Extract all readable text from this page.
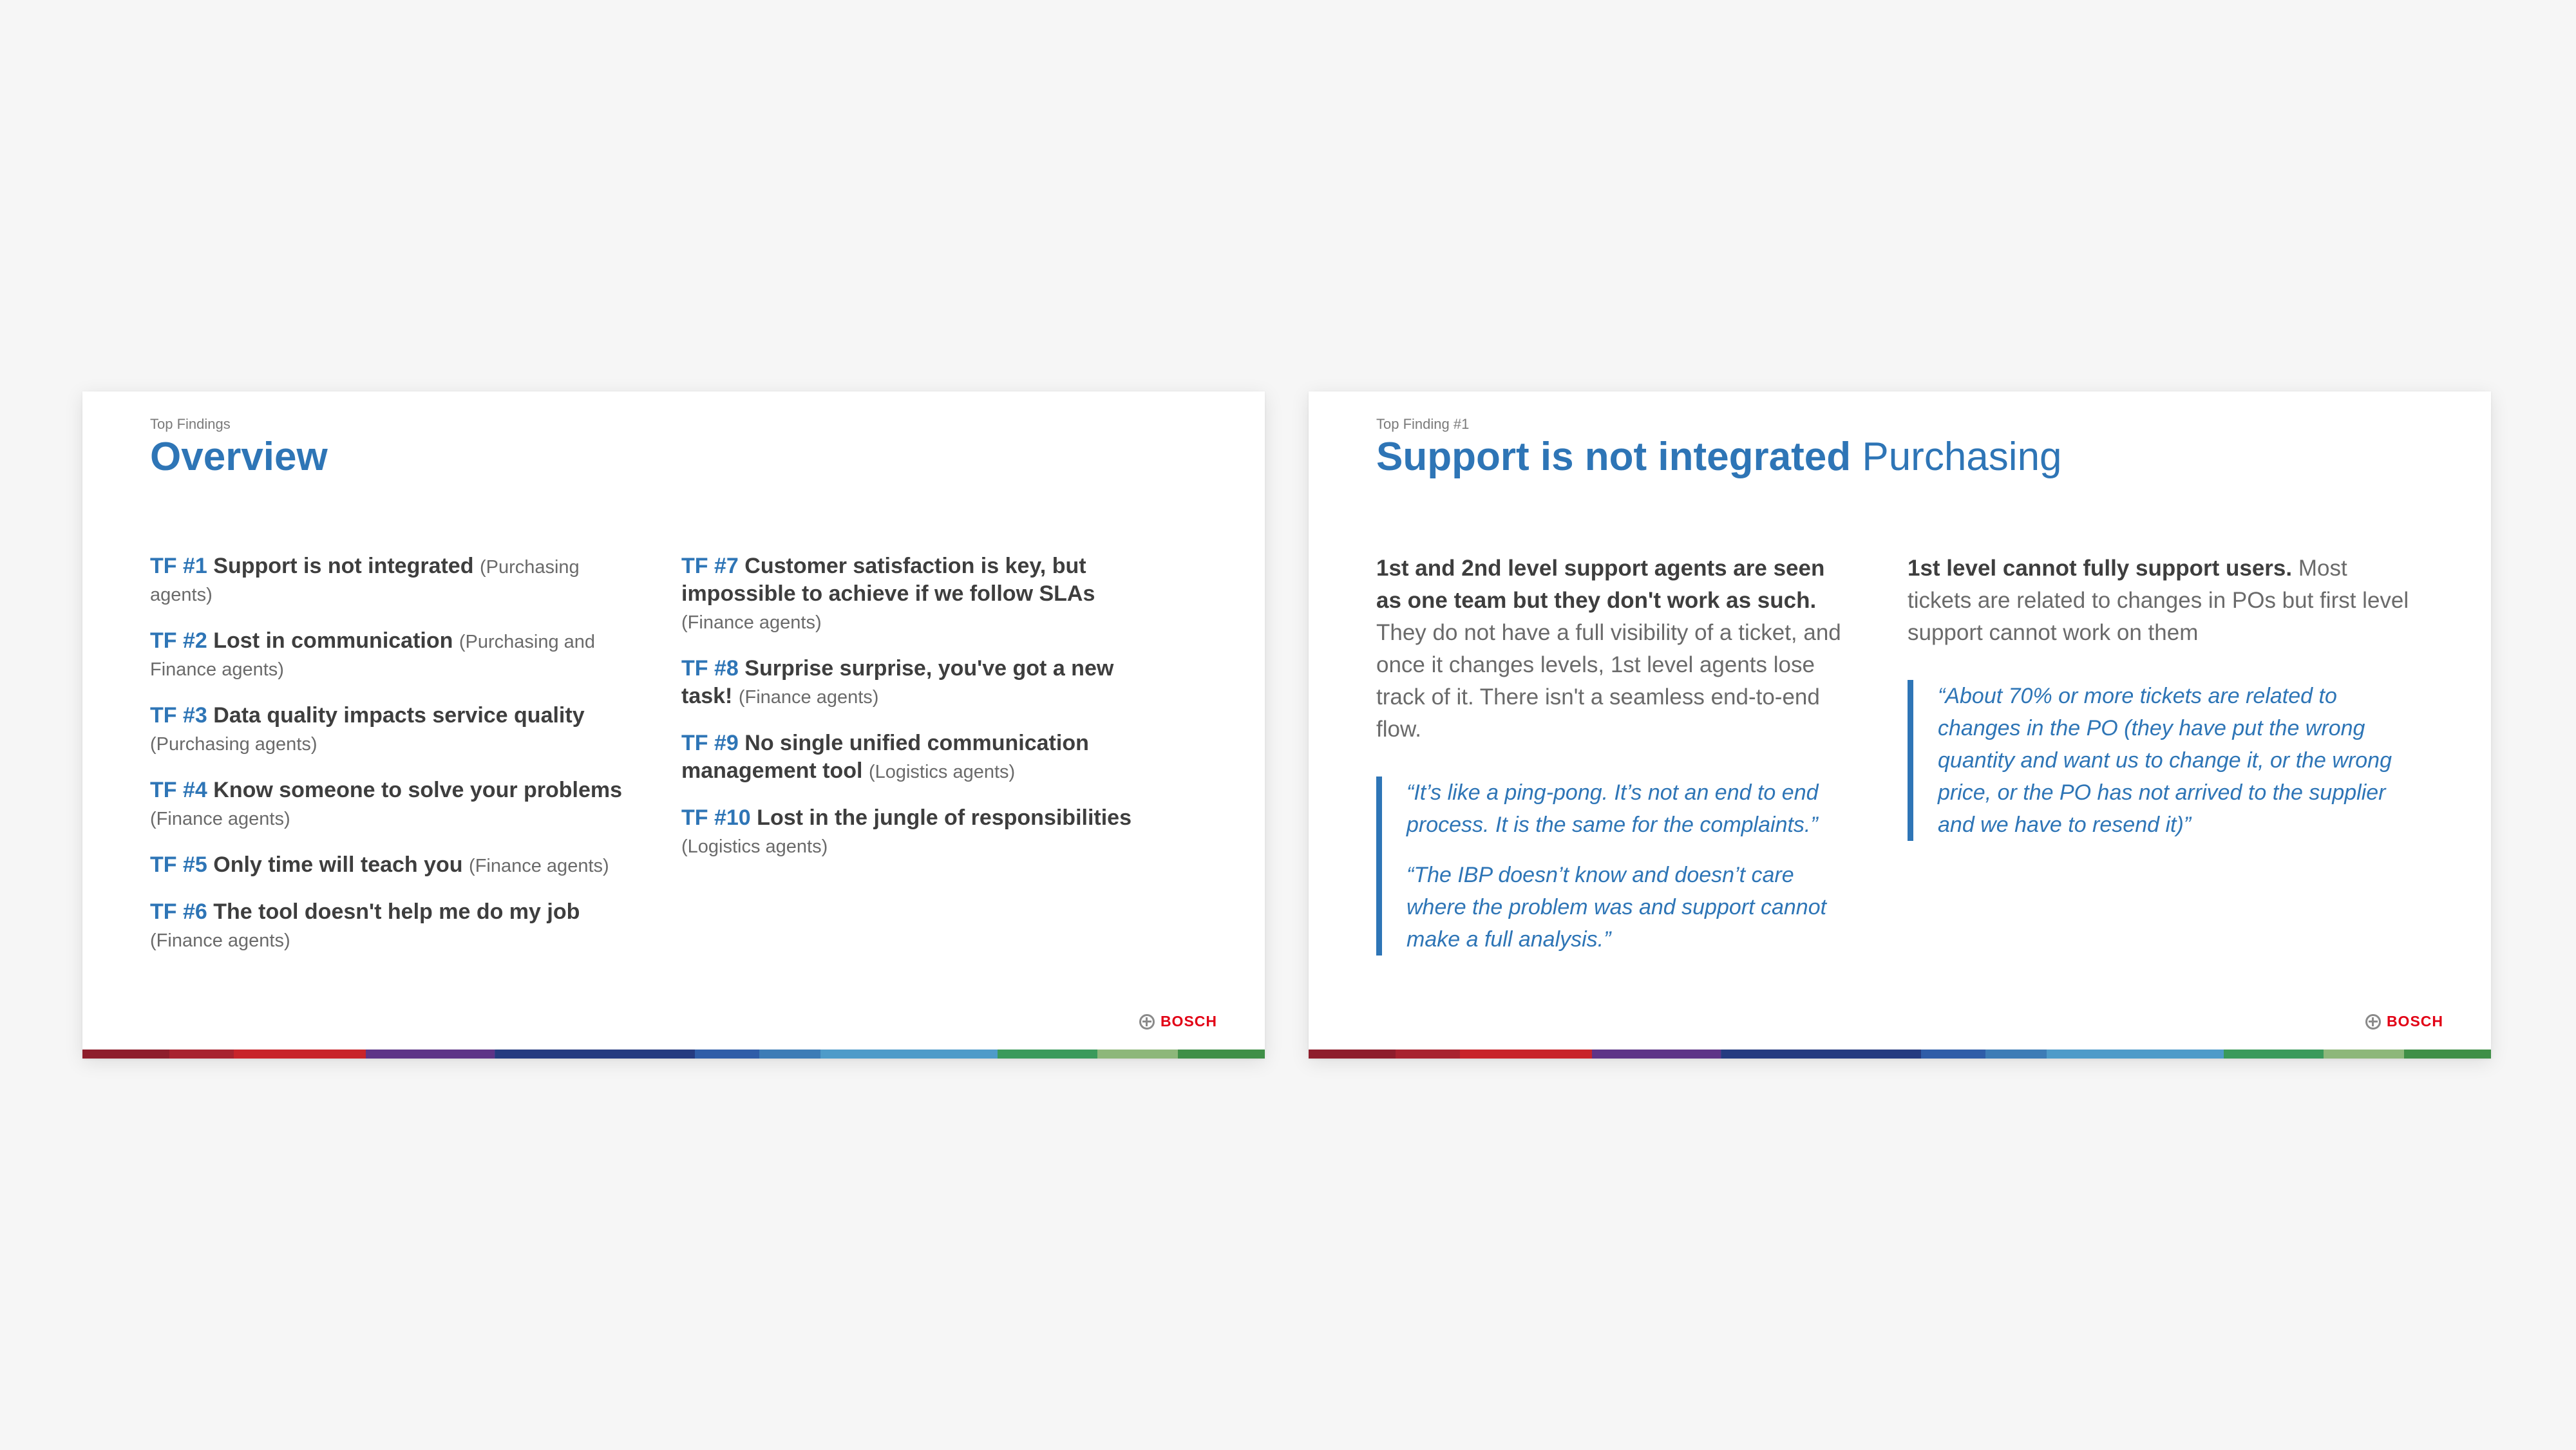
Top Findings

Overview

TF #1 Support is not integrated (Purchasing agents)

TF #2 Lost in communication (Purchasing and Finance agents)

TF #3 Data quality impacts service quality
(Purchasing agents)

TF #4 Know someone to solve your problems
(Finance agents)

TF #5 Only time will teach you (Finance agents)

TF #6 The tool doesn't help me do my job
(Finance agents)

TF #7 Customer satisfaction is key, but impossible to achieve if we follow SLAs
(Finance agents)

TF #8 Surprise surprise, you've got a new task! (Finance agents)

TF #9 No single unified communication management tool (Logistics agents)

TF #10 Lost in the jungle of responsibilities
(Logistics agents)

BOSCH

Top Finding #1

Support is not integrated Purchasing
1st and 2nd level support agents are seen as one team but they don't work as such. They do not have a full visibility of a ticket, and once it changes levels, 1st level agents lose track of it. There isn't a seamless end-to-end flow.

“It’s like a ping-pong. It’s not an end to end process. It is the same for the complaints.”

“The IBP doesn’t know and doesn’t care where the problem was and support cannot make a full analysis.”

1st level cannot fully support users. Most tickets are related to changes in POs but first level support cannot work on them

“About 70% or more tickets are related to changes in the PO (they have put the wrong quantity and want us to change it, or the wrong price, or the PO has not arrived to the supplier and we have to resend it)”

BOSCH
